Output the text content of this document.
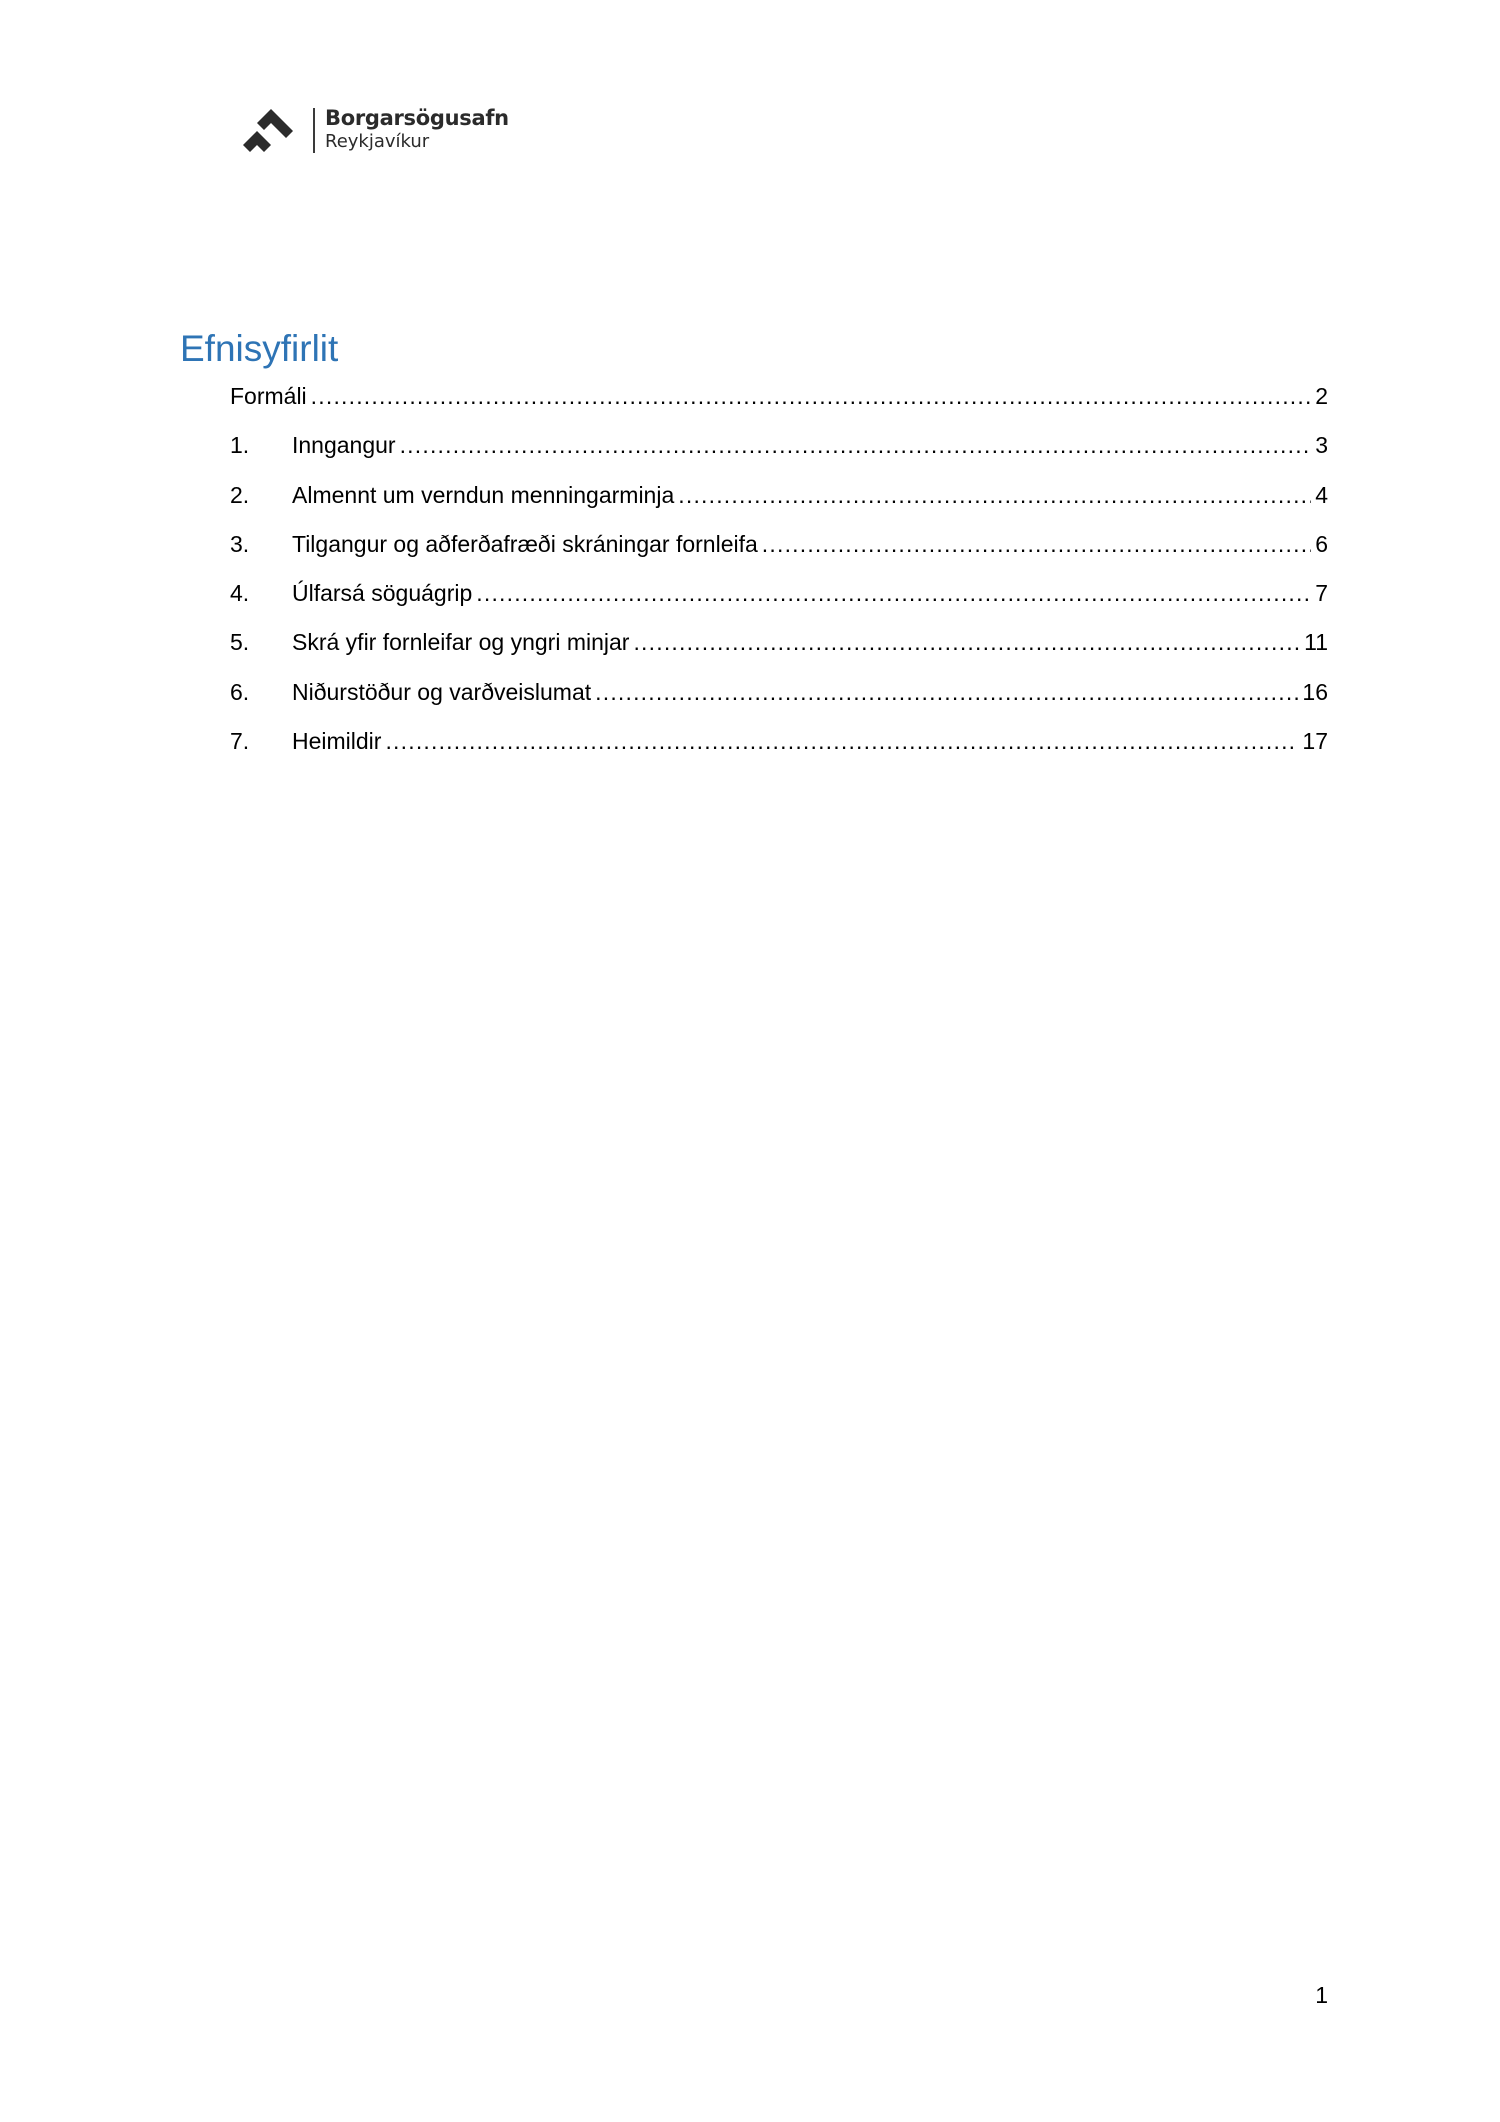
Borgarsögusafn
Reykjavíkur
Efnisyfirlit
Formáli .....	2
1.	Inngangur .....	3
2.	Almennt um verndun menningarminja .....	4
3.	Tilgangur og aðferðafræði skráningar fornleifa .....	6
4.	Úlfarsá söguágrip .....	7
5.	Skrá yfir fornleifar og yngri minjar .....	11
6.	Niðurstöður og varðveislumat .....	16
7.	Heimildir .....	17
1
